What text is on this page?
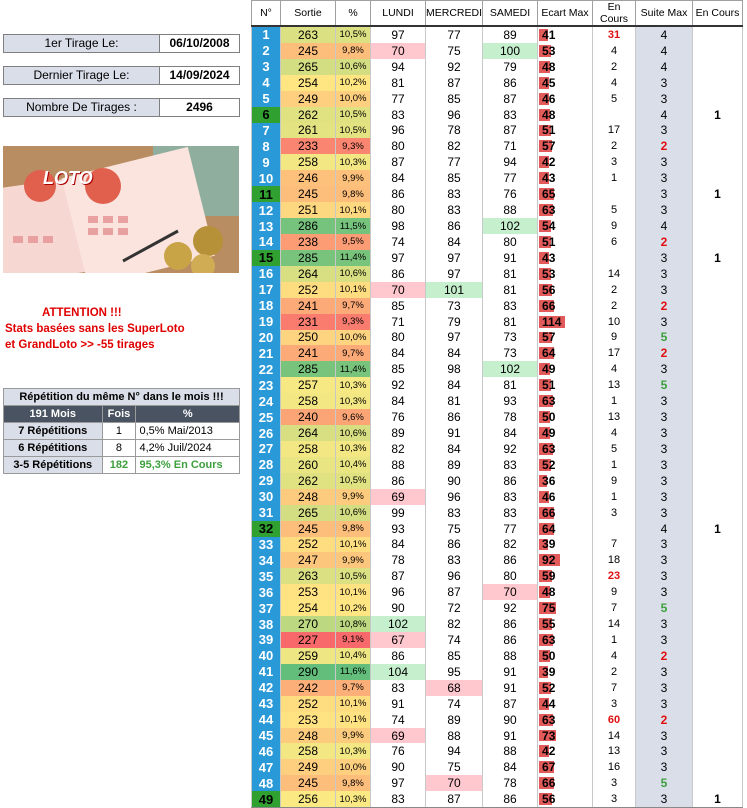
1er Tirage Le:	06/10/2008
Dernier Tirage Le:	14/09/2024
Nombre De Tirages :	2496
LOTO
ATTENTION !!!
Stats basées sans les SuperLoto
et GrandLoto >> -55 tirages
Répétition du même N° dans le mois !!!		
191 Mois	Fois	%
7 Répétitions	1	0,5% Mai/2013
6 Répétitions	8	4,2% Juil/2024
3-5 Répétitions	182	95,3% En Cours
N°	Sortie	%	LUNDI	MERCREDI	SAMEDI	Ecart Max	En Cours	Suite Max	En Cours
1	263	10,5%	97	77	89	41	31	4	
2	245	9,8%	70	75	100	53	4	4	
3	265	10,6%	94	92	79	48	2	4	
4	254	10,2%	81	87	86	45	4	3	
5	249	10,0%	77	85	87	46	5	3	
6	262	10,5%	83	96	83	48		4	1
7	261	10,5%	96	78	87	51	17	3	
8	233	9,3%	80	82	71	57	2	2	
9	258	10,3%	87	77	94	42	3	3	
10	246	9,9%	84	85	77	43	1	3	
11	245	9,8%	86	83	76	65		3	1
12	251	10,1%	80	83	88	63	5	3	
13	286	11,5%	98	86	102	54	9	4	
14	238	9,5%	74	84	80	51	6	2	
15	285	11,4%	97	97	91	43		3	1
16	264	10,6%	86	97	81	53	14	3	
17	252	10,1%	70	101	81	56	2	3	
18	241	9,7%	85	73	83	66	2	2	
19	231	9,3%	71	79	81	114	10	3	
20	250	10,0%	80	97	73	57	9	5	
21	241	9,7%	84	84	73	64	17	2	
22	285	11,4%	85	98	102	49	4	3	
23	257	10,3%	92	84	81	51	13	5	
24	258	10,3%	84	81	93	63	1	3	
25	240	9,6%	76	86	78	50	13	3	
26	264	10,6%	89	91	84	49	4	3	
27	258	10,3%	82	84	92	63	5	3	
28	260	10,4%	88	89	83	52	1	3	
29	262	10,5%	86	90	86	36	9	3	
30	248	9,9%	69	96	83	46	1	3	
31	265	10,6%	99	83	83	66	3	3	
32	245	9,8%	93	75	77	64		4	1
33	252	10,1%	84	86	82	39	7	3	
34	247	9,9%	78	83	86	92	18	3	
35	263	10,5%	87	96	80	59	23	3	
36	253	10,1%	96	87	70	48	9	3	
37	254	10,2%	90	72	92	75	7	5	
38	270	10,8%	102	82	86	55	14	3	
39	227	9,1%	67	74	86	63	1	3	
40	259	10,4%	86	85	88	50	4	2	
41	290	11,6%	104	95	91	39	2	3	
42	242	9,7%	83	68	91	52	7	3	
43	252	10,1%	91	74	87	44	3	3	
44	253	10,1%	74	89	90	63	60	2	
45	248	9,9%	69	88	91	73	14	3	
46	258	10,3%	76	94	88	42	13	3	
47	249	10,0%	90	75	84	67	16	3	
48	245	9,8%	97	70	78	66	3	5	
49	256	10,3%	83	87	86	56	3	3	1
